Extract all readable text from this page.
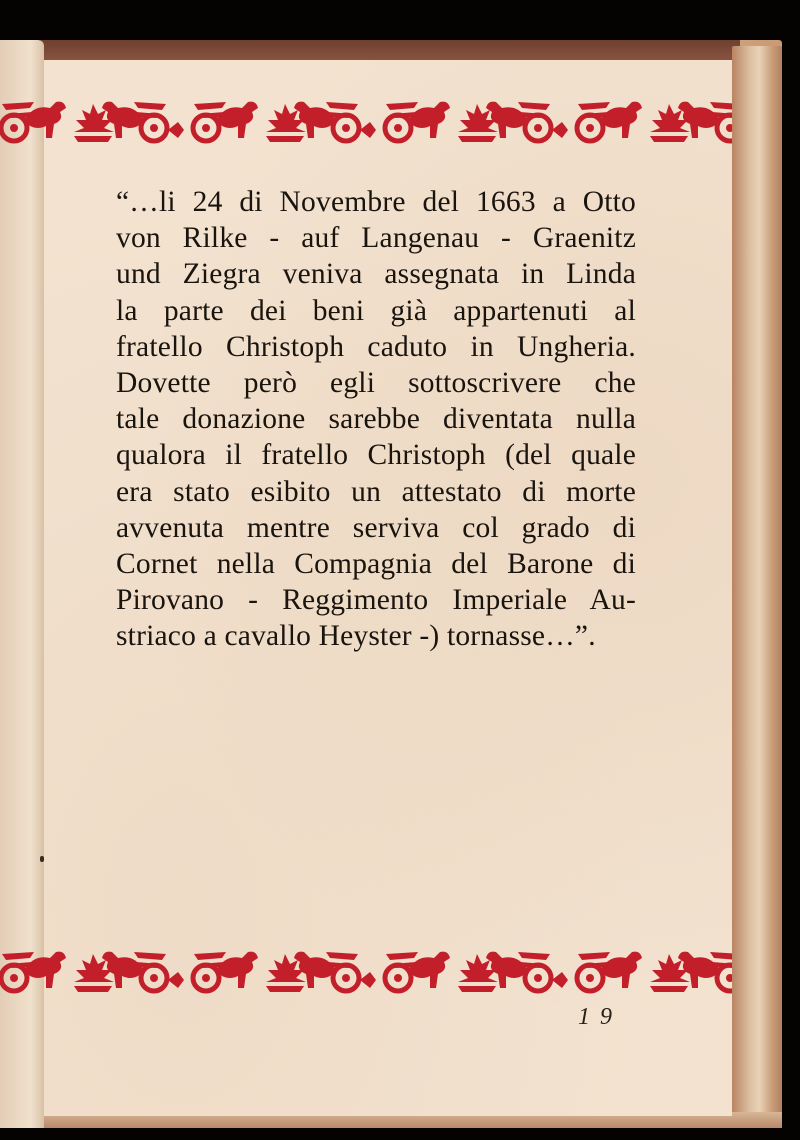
“…li 24 di Novembre del 1663 a Otto
von Rilke - auf Langenau - Graenitz
und Ziegra veniva assegnata in Linda
la parte dei beni già appartenuti al
fratello Christoph caduto in Ungheria.
Dovette però egli sottoscrivere che
tale donazione sarebbe diventata nulla
qualora il fratello Christoph (del quale
era stato esibito un attestato di morte
avvenuta mentre serviva col grado di
Cornet nella Compagnia del Barone di
Pirovano - Reggimento Imperiale Au-
striaco a cavallo Heyster -) tornasse…”.
19
